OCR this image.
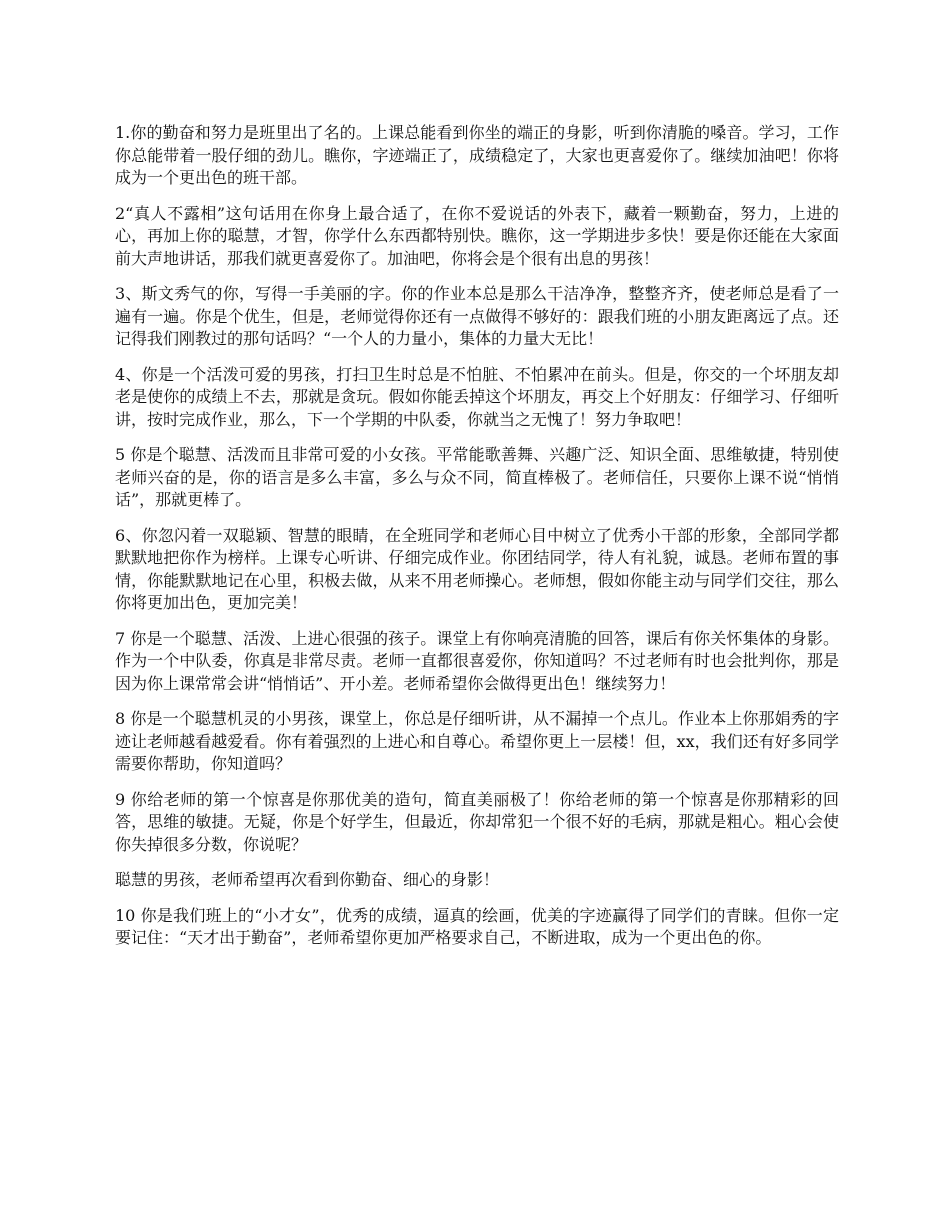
1.你的勤奋和努力是班里出了名的。上课总能看到你坐的端正的身影，听到你清脆的嗓音。学习，工作你总能带着一股仔细的劲儿。瞧你，字迹端正了，成绩稳定了，大家也更喜爱你了。继续加油吧！你将成为一个更出色的班干部。

2“真人不露相”这句话用在你身上最合适了，在你不爱说话的外表下，藏着一颗勤奋，努力，上进的心，再加上你的聪慧，才智，你学什么东西都特别快。瞧你，这一学期进步多快！要是你还能在大家面前大声地讲话，那我们就更喜爱你了。加油吧，你将会是个很有出息的男孩！

3、斯文秀气的你，写得一手美丽的字。你的作业本总是那么干洁净净，整整齐齐，使老师总是看了一遍有一遍。你是个优生，但是，老师觉得你还有一点做得不够好的：跟我们班的小朋友距离远了点。还记得我们刚教过的那句话吗？“一个人的力量小，集体的力量大无比！

4、你是一个活泼可爱的男孩，打扫卫生时总是不怕脏、不怕累冲在前头。但是，你交的一个坏朋友却老是使你的成绩上不去，那就是贪玩。假如你能丢掉这个坏朋友，再交上个好朋友：仔细学习、仔细听讲，按时完成作业，那么，下一个学期的中队委，你就当之无愧了！努力争取吧！

5 你是个聪慧、活泼而且非常可爱的小女孩。平常能歌善舞、兴趣广泛、知识全面、思维敏捷，特别使老师兴奋的是，你的语言是多么丰富，多么与众不同，简直棒极了。老师信任，只要你上课不说“悄悄话”，那就更棒了。

6、你忽闪着一双聪颖、智慧的眼睛，在全班同学和老师心目中树立了优秀小干部的形象，全部同学都默默地把你作为榜样。上课专心听讲、仔细完成作业。你团结同学，待人有礼貌，诚恳。老师布置的事情，你能默默地记在心里，积极去做，从来不用老师操心。老师想，假如你能主动与同学们交往，那么你将更加出色，更加完美！

7 你是一个聪慧、活泼、上进心很强的孩子。课堂上有你响亮清脆的回答，课后有你关怀集体的身影。作为一个中队委，你真是非常尽责。老师一直都很喜爱你，你知道吗？不过老师有时也会批判你，那是因为你上课常常会讲“悄悄话”、开小差。老师希望你会做得更出色！继续努力！

8 你是一个聪慧机灵的小男孩，课堂上，你总是仔细听讲，从不漏掉一个点儿。作业本上你那娟秀的字迹让老师越看越爱看。你有着强烈的上进心和自尊心。希望你更上一层楼！但，xx，我们还有好多同学需要你帮助，你知道吗？

9 你给老师的第一个惊喜是你那优美的造句，简直美丽极了！你给老师的第一个惊喜是你那精彩的回答，思维的敏捷。无疑，你是个好学生，但最近，你却常犯一个很不好的毛病，那就是粗心。粗心会使你失掉很多分数，你说呢？

聪慧的男孩，老师希望再次看到你勤奋、细心的身影！

10 你是我们班上的“小才女”，优秀的成绩，逼真的绘画，优美的字迹赢得了同学们的青睐。但你一定要记住：“天才出于勤奋”，老师希望你更加严格要求自己，不断进取，成为一个更出色的你。
